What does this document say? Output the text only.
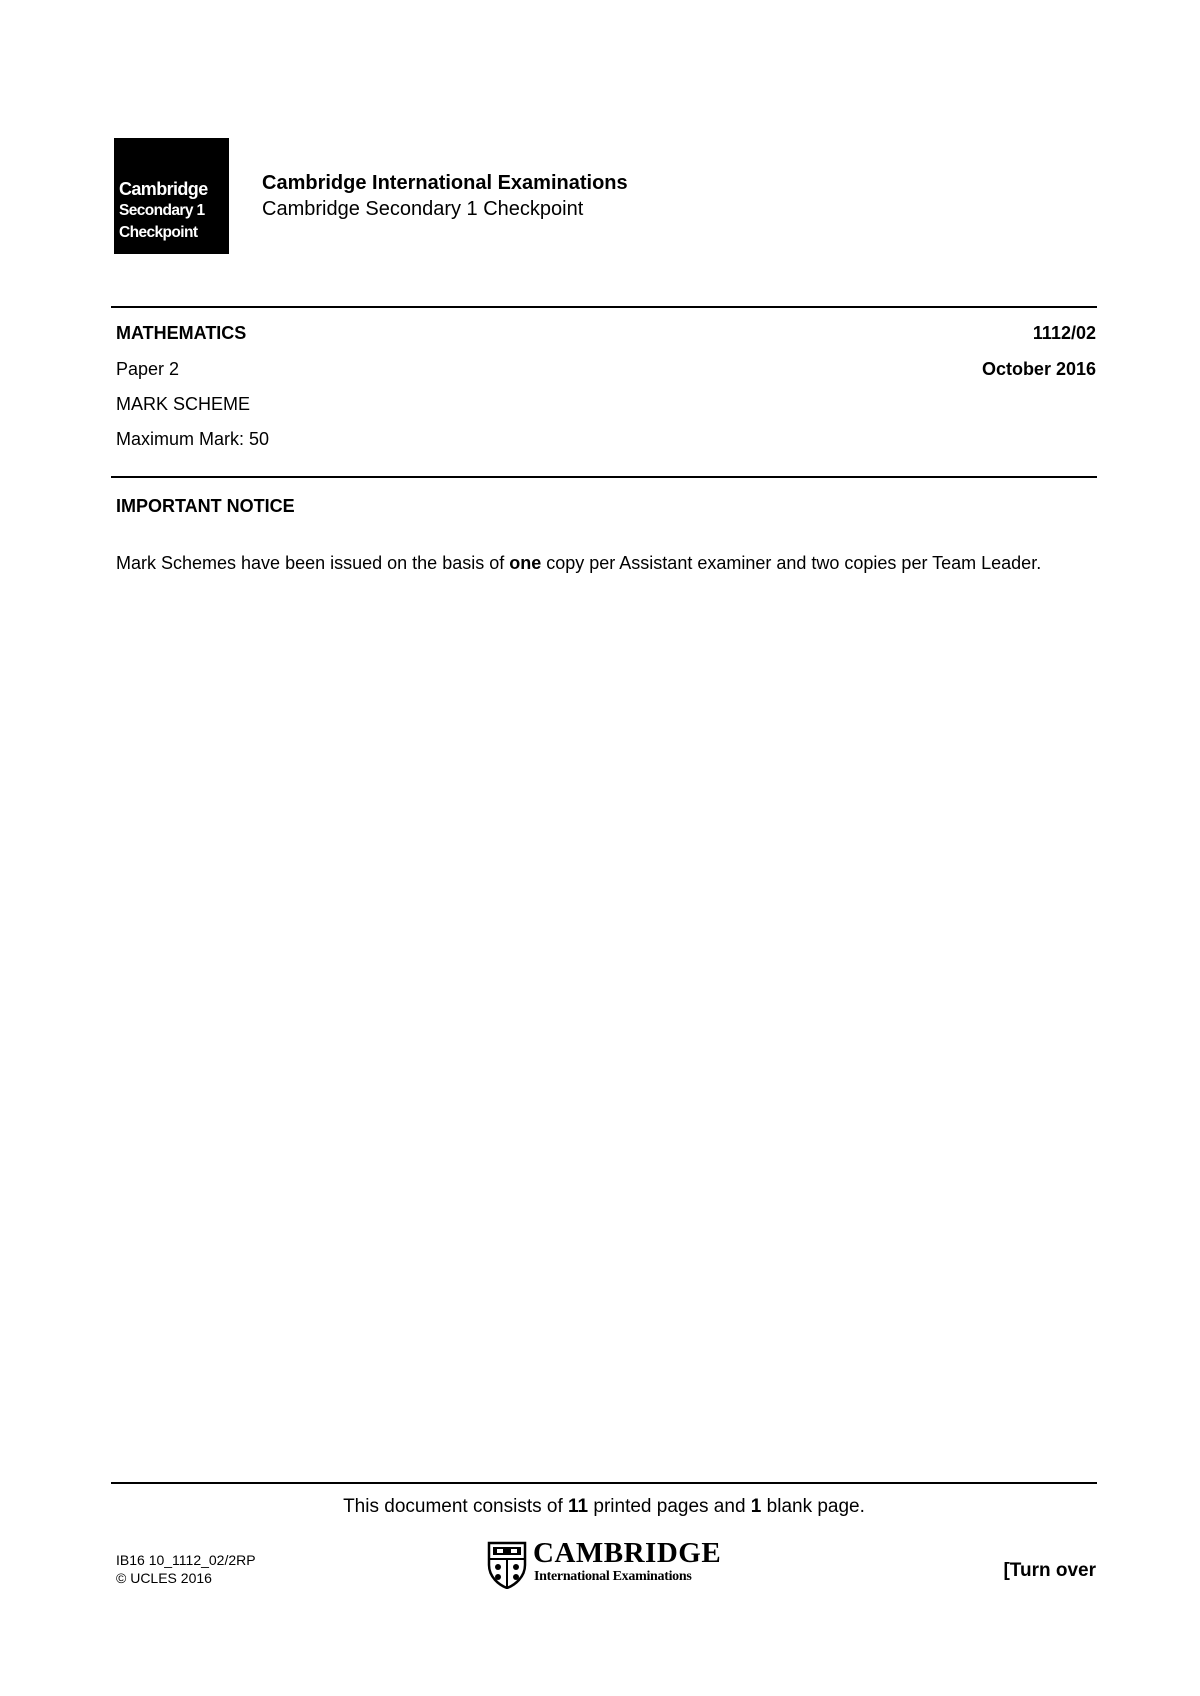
Cambridge
Secondary 1
Checkpoint
Cambridge International Examinations
Cambridge Secondary 1 Checkpoint
MATHEMATICS	1112/02
Paper 2	October 2016
MARK SCHEME
Maximum Mark: 50
IMPORTANT NOTICE
Mark Schemes have been issued on the basis of one copy per Assistant examiner and two copies per Team Leader.
This document consists of 11 printed pages and 1 blank page.
IB16 10_1112_02/2RP
© UCLES 2016
CAMBRIDGE
International Examinations	[Turn over
